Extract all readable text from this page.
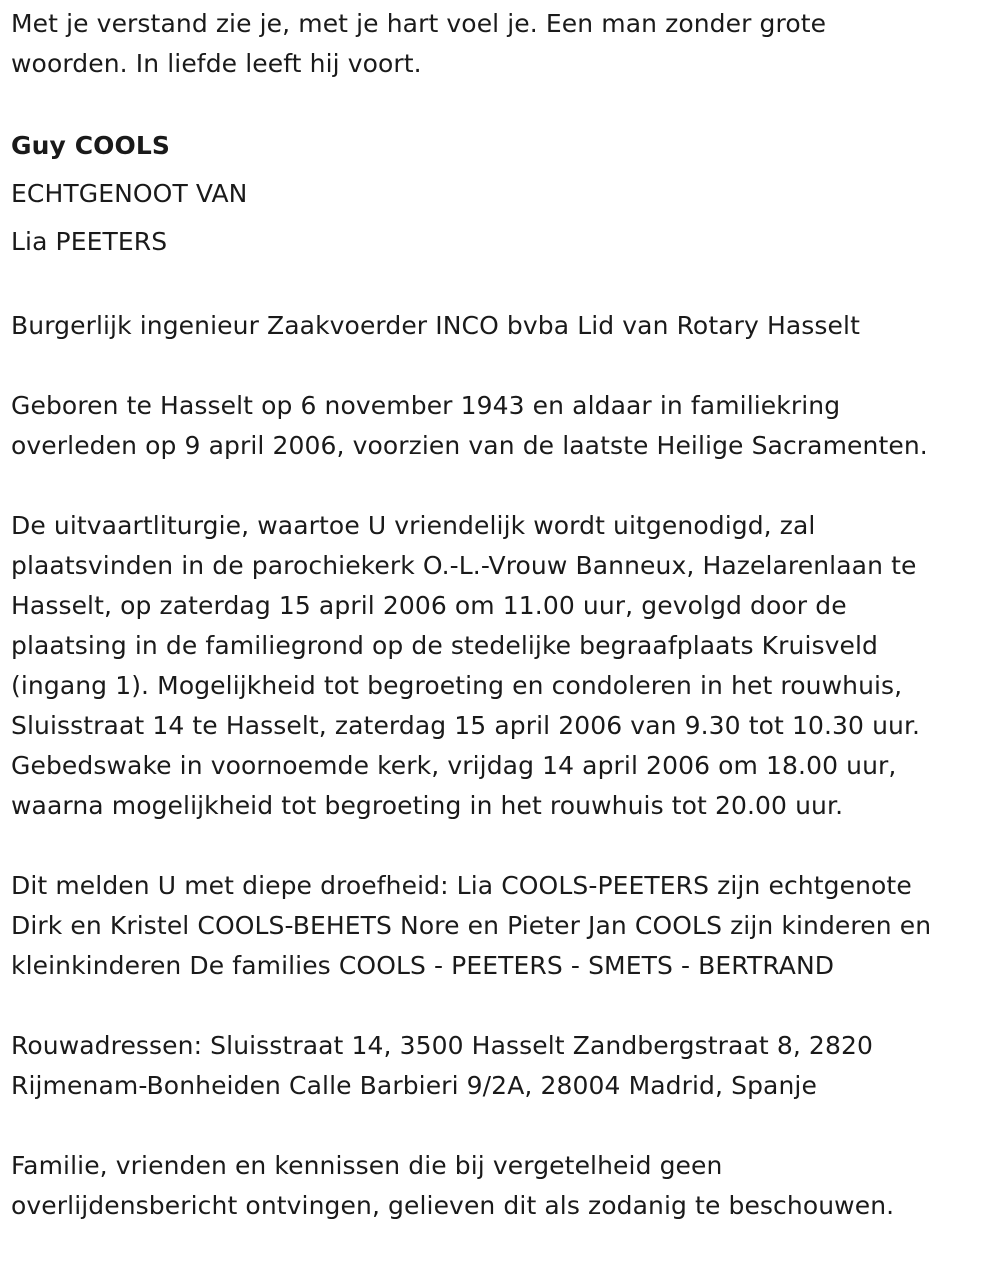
Met je verstand zie je, met je hart voel je. Een man zonder grote

woorden. In liefde leeft hij voort.

Guy COOLS

ECHTGENOOT VAN

Lia PEETERS

Burgerlijk ingenieur Zaakvoerder INCO bvba Lid van Rotary Hasselt

Geboren te Hasselt op 6 november 1943 en aldaar in familiekring

overleden op 9 april 2006, voorzien van de laatste Heilige Sacramenten.

De uitvaartliturgie, waartoe U vriendelijk wordt uitgenodigd, zal

plaatsvinden in de parochiekerk O.-L.-Vrouw Banneux, Hazelarenlaan te

Hasselt, op zaterdag 15 april 2006 om 11.00 uur, gevolgd door de

plaatsing in de familiegrond op de stedelijke begraafplaats Kruisveld

(ingang 1). Mogelijkheid tot begroeting en condoleren in het rouwhuis,

Sluisstraat 14 te Hasselt, zaterdag 15 april 2006 van 9.30 tot 10.30 uur.

Gebedswake in voornoemde kerk, vrijdag 14 april 2006 om 18.00 uur,

waarna mogelijkheid tot begroeting in het rouwhuis tot 20.00 uur.

Dit melden U met diepe droefheid: Lia COOLS-PEETERS zijn echtgenote

Dirk en Kristel COOLS-BEHETS Nore en Pieter Jan COOLS zijn kinderen en

kleinkinderen De families COOLS - PEETERS - SMETS - BERTRAND

Rouwadressen: Sluisstraat 14, 3500 Hasselt Zandbergstraat 8, 2820

Rijmenam-Bonheiden Calle Barbieri 9/2A, 28004 Madrid, Spanje

Familie, vrienden en kennissen die bij vergetelheid geen

overlijdensbericht ontvingen, gelieven dit als zodanig te beschouwen.
